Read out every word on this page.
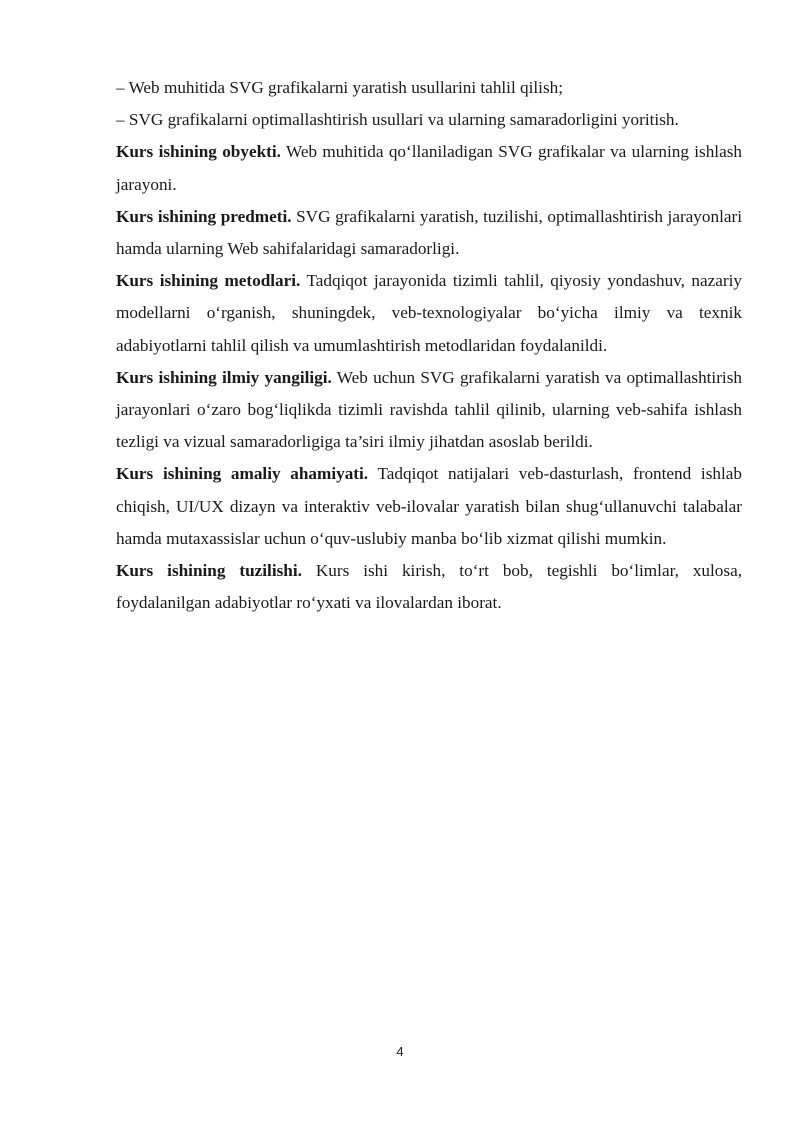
– Web muhitida SVG grafikalarni yaratish usullarini tahlil qilish;

– SVG grafikalarni optimallashtirish usullari va ularning samaradorligini yoritish.

Kurs ishining obyekti. Web muhitida qo‘llaniladigan SVG grafikalar va ularning ishlash jarayoni.

Kurs ishining predmeti. SVG grafikalarni yaratish, tuzilishi, optimallashtirish jarayonlari hamda ularning Web sahifalaridagi samaradorligi.

Kurs ishining metodlari. Tadqiqot jarayonida tizimli tahlil, qiyosiy yondashuv, nazariy modellarni o‘rganish, shuningdek, veb-texnologiyalar bo‘yicha ilmiy va texnik adabiyotlarni tahlil qilish va umumlashtirish metodlaridan foydalanildi.

Kurs ishining ilmiy yangiligi. Web uchun SVG grafikalarni yaratish va optimallashtirish jarayonlari o‘zaro bog‘liqlikda tizimli ravishda tahlil qilinib, ularning veb-sahifa ishlash tezligi va vizual samaradorligiga ta’siri ilmiy jihatdan asoslab berildi.

Kurs ishining amaliy ahamiyati. Tadqiqot natijalari veb-dasturlash, frontend ishlab chiqish, UI/UX dizayn va interaktiv veb-ilovalar yaratish bilan shug‘ullanuvchi talabalar hamda mutaxassislar uchun o‘quv-uslubiy manba bo‘lib xizmat qilishi mumkin.

Kurs ishining tuzilishi. Kurs ishi kirish, to‘rt bob, tegishli bo‘limlar, xulosa, foydalanilgan adabiyotlar ro‘yxati va ilovalardan iborat.

4
